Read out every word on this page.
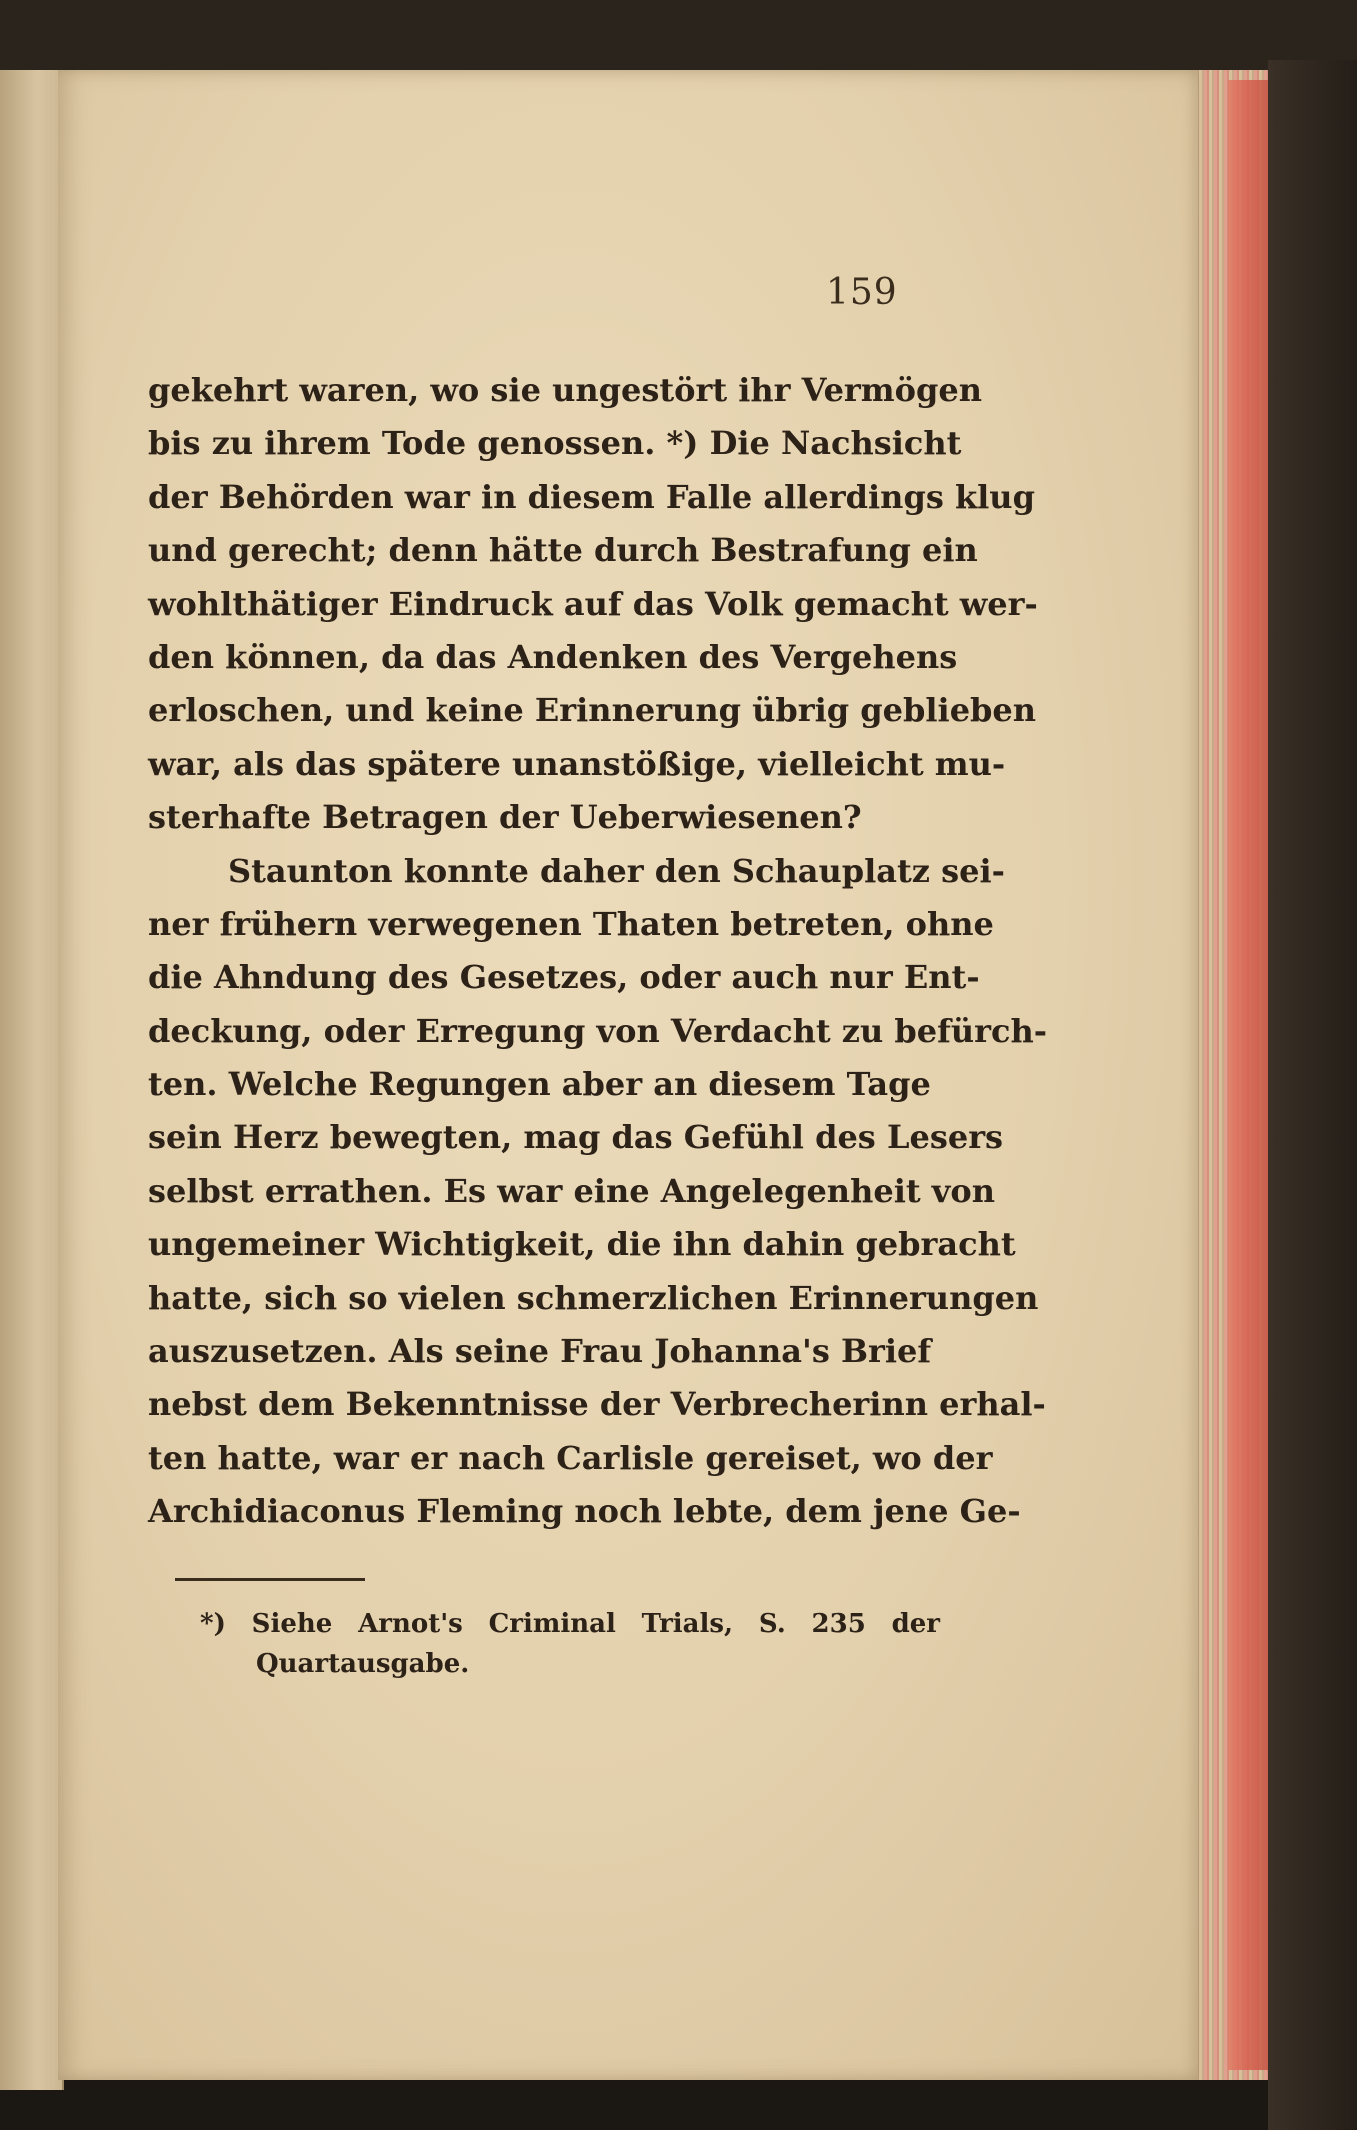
159
gekehrt waren, wo sie ungestört ihr Vermögen
bis zu ihrem Tode genossen. *) Die Nachsicht
der Behörden war in diesem Falle allerdings klug
und gerecht; denn hätte durch Bestrafung ein
wohlthätiger Eindruck auf das Volk gemacht wer-
den können, da das Andenken des Vergehens
erloschen, und keine Erinnerung übrig geblieben
war, als das spätere unanstößige, vielleicht mu-
sterhafte Betragen der Ueberwiesenen?
Staunton konnte daher den Schauplatz sei-
ner frühern verwegenen Thaten betreten, ohne
die Ahndung des Gesetzes, oder auch nur Ent-
deckung, oder Erregung von Verdacht zu befürch-
ten. Welche Regungen aber an diesem Tage
sein Herz bewegten, mag das Gefühl des Lesers
selbst errathen. Es war eine Angelegenheit von
ungemeiner Wichtigkeit, die ihn dahin gebracht
hatte, sich so vielen schmerzlichen Erinnerungen
auszusetzen. Als seine Frau Johanna's Brief
nebst dem Bekenntnisse der Verbrecherinn erhal-
ten hatte, war er nach Carlisle gereiset, wo der
Archidiaconus Fleming noch lebte, dem jene Ge-
*) Siehe Arnot's Criminal Trials, S. 235 der
Quartausgabe.
